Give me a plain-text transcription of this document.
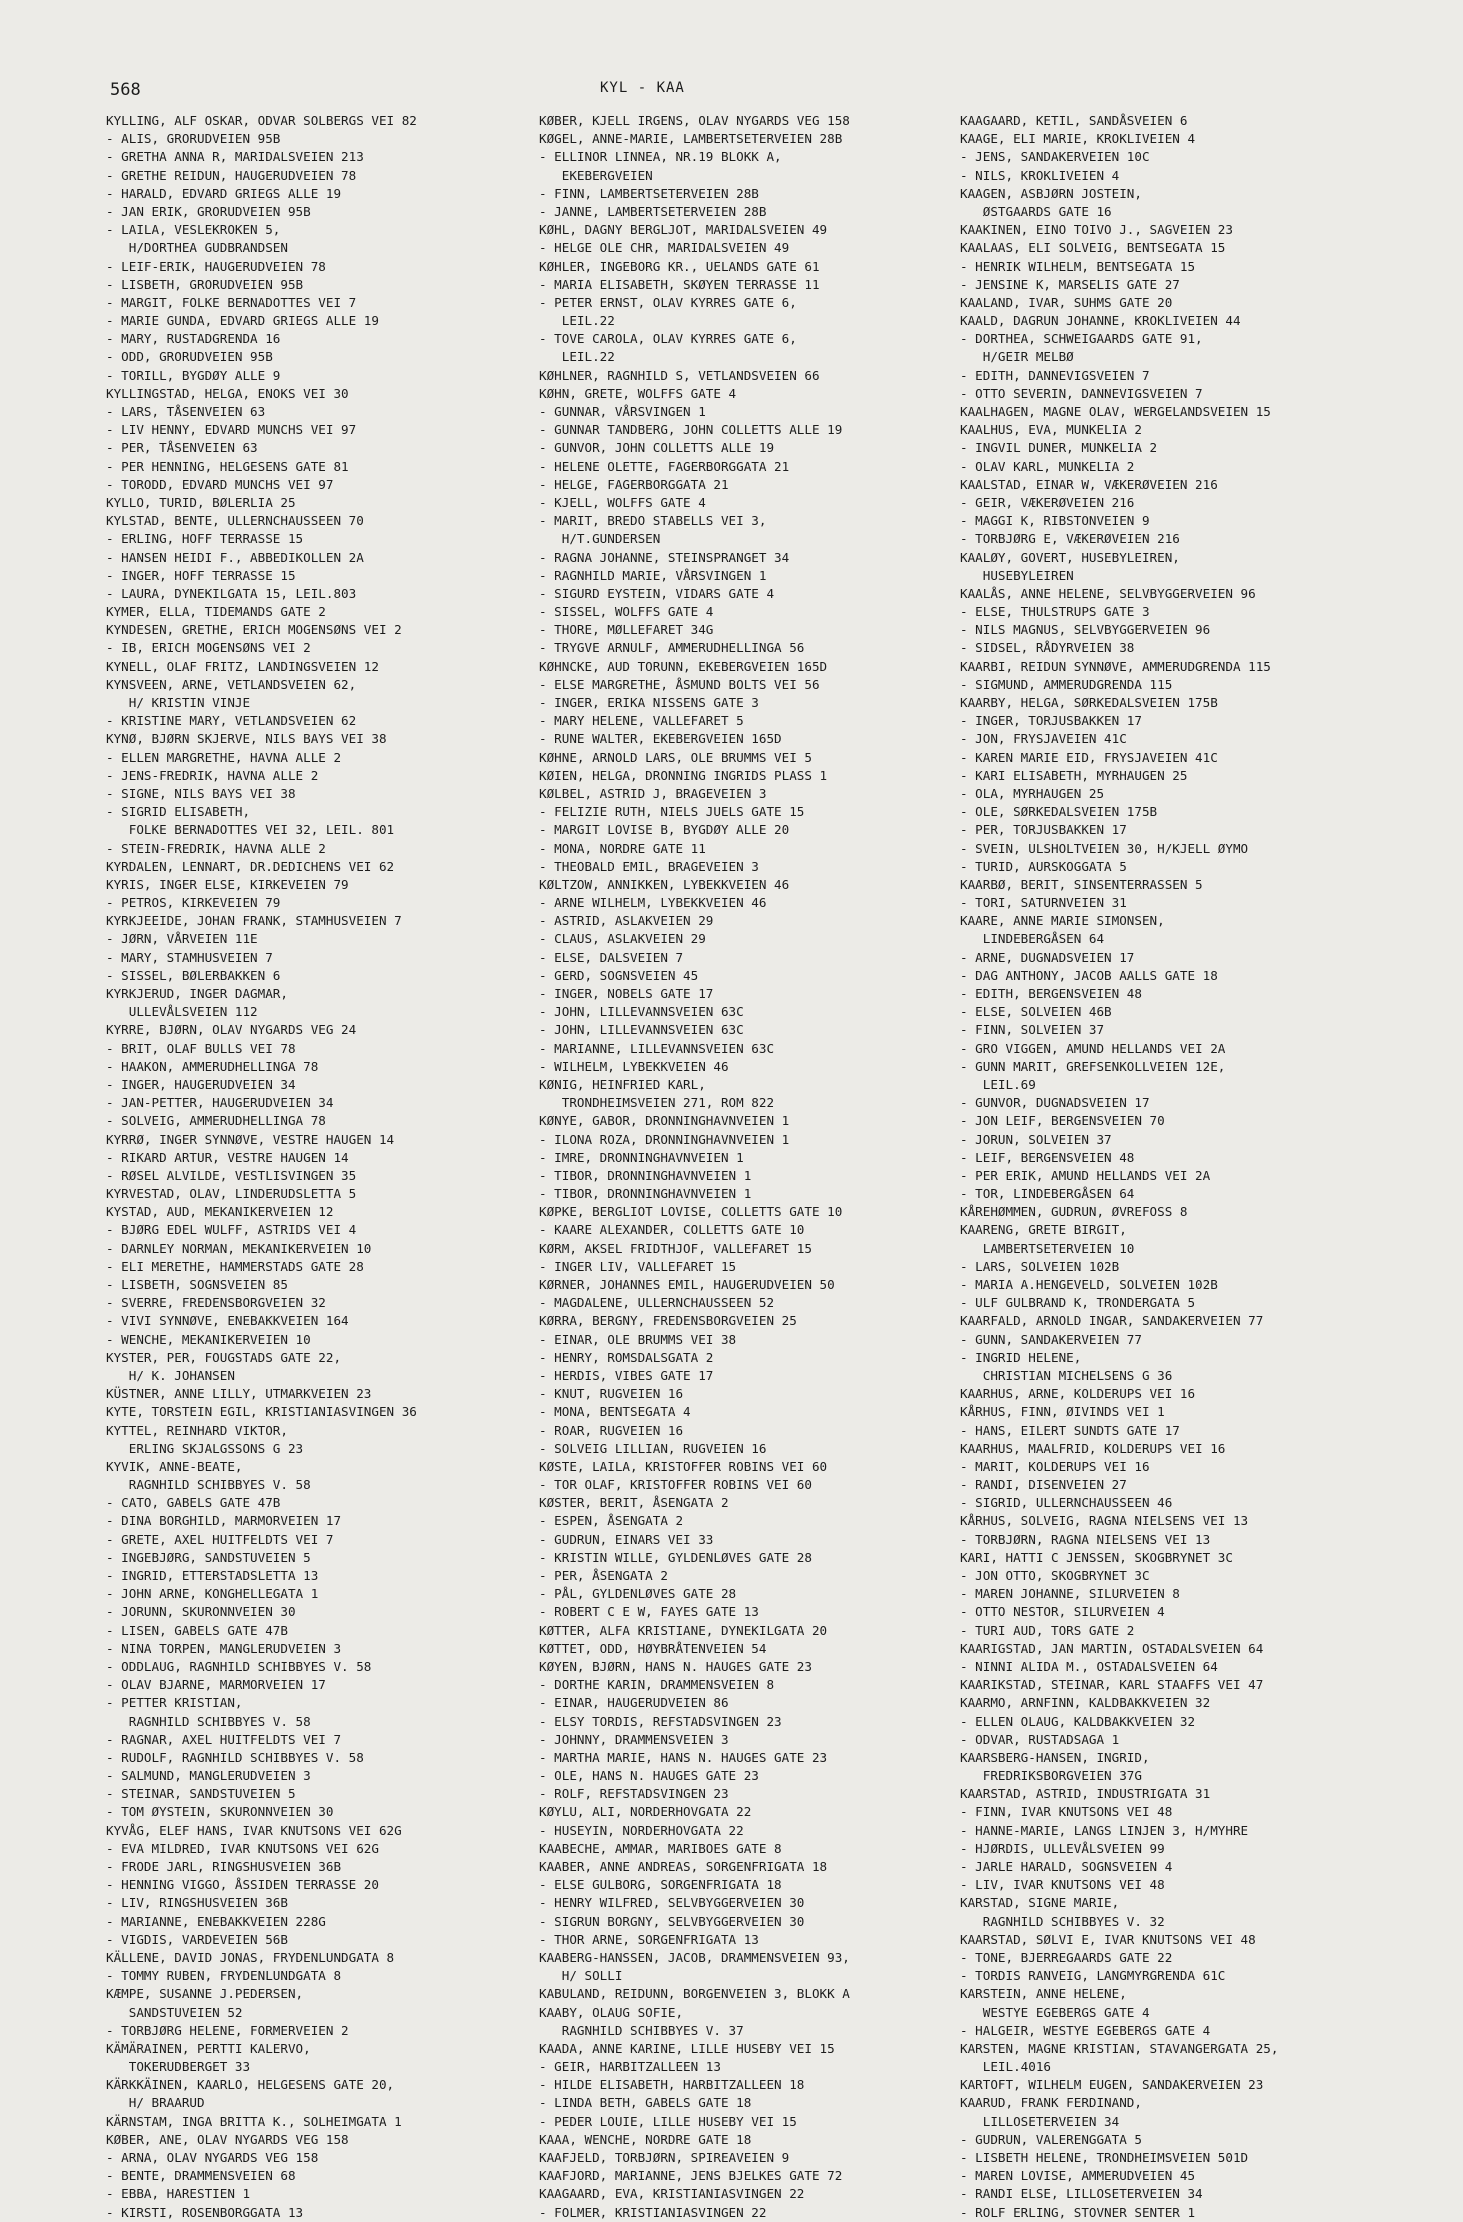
568	KYL - KAA
KYLLING, ALF OSKAR, ODVAR SOLBERGS VEI 82
- ALIS, GRORUDVEIEN 95B
- GRETHA ANNA R, MARIDALSVEIEN 213
- GRETHE REIDUN, HAUGERUDVEIEN 78
- HARALD, EDVARD GRIEGS ALLE 19
- JAN ERIK, GRORUDVEIEN 95B
- LAILA, VESLEKROKEN 5,
H/DORTHEA GUDBRANDSEN
- LEIF-ERIK, HAUGERUDVEIEN 78
- LISBETH, GRORUDVEIEN 95B
- MARGIT, FOLKE BERNADOTTES VEI 7
- MARIE GUNDA, EDVARD GRIEGS ALLE 19
- MARY, RUSTADGRENDA 16
- ODD, GRORUDVEIEN 95B
- TORILL, BYGDØY ALLE 9
KYLLINGSTAD, HELGA, ENOKS VEI 30
- LARS, TÅSENVEIEN 63
- LIV HENNY, EDVARD MUNCHS VEI 97
- PER, TÅSENVEIEN 63
- PER HENNING, HELGESENS GATE 81
- TORODD, EDVARD MUNCHS VEI 97
KYLLO, TURID, BØLERLIA 25
KYLSTAD, BENTE, ULLERNCHAUSSEEN 70
- ERLING, HOFF TERRASSE 15
- HANSEN HEIDI F., ABBEDIKOLLEN 2A
- INGER, HOFF TERRASSE 15
- LAURA, DYNEKILGATA 15, LEIL.803
KYMER, ELLA, TIDEMANDS GATE 2
KYNDESEN, GRETHE, ERICH MOGENSØNS VEI 2
- IB, ERICH MOGENSØNS VEI 2
KYNELL, OLAF FRITZ, LANDINGSVEIEN 12
KYNSVEEN, ARNE, VETLANDSVEIEN 62,
H/ KRISTIN VINJE
- KRISTINE MARY, VETLANDSVEIEN 62
KYNØ, BJØRN SKJERVE, NILS BAYS VEI 38
- ELLEN MARGRETHE, HAVNA ALLE 2
- JENS-FREDRIK, HAVNA ALLE 2
- SIGNE, NILS BAYS VEI 38
- SIGRID ELISABETH,
FOLKE BERNADOTTES VEI 32, LEIL. 801
- STEIN-FREDRIK, HAVNA ALLE 2
KYRDALEN, LENNART, DR.DEDICHENS VEI 62
KYRIS, INGER ELSE, KIRKEVEIEN 79
- PETROS, KIRKEVEIEN 79
KYRKJEEIDE, JOHAN FRANK, STAMHUSVEIEN 7
- JØRN, VÅRVEIEN 11E
- MARY, STAMHUSVEIEN 7
- SISSEL, BØLERBAKKEN 6
KYRKJERUD, INGER DAGMAR,
ULLEVÅLSVEIEN 112
KYRRE, BJØRN, OLAV NYGARDS VEG 24
- BRIT, OLAF BULLS VEI 78
- HAAKON, AMMERUDHELLINGA 78
- INGER, HAUGERUDVEIEN 34
- JAN-PETTER, HAUGERUDVEIEN 34
- SOLVEIG, AMMERUDHELLINGA 78
KYRRØ, INGER SYNNØVE, VESTRE HAUGEN 14
- RIKARD ARTUR, VESTRE HAUGEN 14
- RØSEL ALVILDE, VESTLISVINGEN 35
KYRVESTAD, OLAV, LINDERUDSLETTA 5
KYSTAD, AUD, MEKANIKERVEIEN 12
- BJØRG EDEL WULFF, ASTRIDS VEI 4
- DARNLEY NORMAN, MEKANIKERVEIEN 10
- ELI MERETHE, HAMMERSTADS GATE 28
- LISBETH, SOGNSVEIEN 85
- SVERRE, FREDENSBORGVEIEN 32
- VIVI SYNNØVE, ENEBAKKVEIEN 164
- WENCHE, MEKANIKERVEIEN 10
KYSTER, PER, FOUGSTADS GATE 22,
H/ K. JOHANSEN
KÜSTNER, ANNE LILLY, UTMARKVEIEN 23
KYTE, TORSTEIN EGIL, KRISTIANIASVINGEN 36
KYTTEL, REINHARD VIKTOR,
ERLING SKJALGSSONS G 23
KYVIK, ANNE-BEATE,
RAGNHILD SCHIBBYES V. 58
- CATO, GABELS GATE 47B
- DINA BORGHILD, MARMORVEIEN 17
- GRETE, AXEL HUITFELDTS VEI 7
- INGEBJØRG, SANDSTUVEIEN 5
- INGRID, ETTERSTADSLETTA 13
- JOHN ARNE, KONGHELLEGATA 1
- JORUNN, SKURONNVEIEN 30
- LISEN, GABELS GATE 47B
- NINA TORPEN, MANGLERUDVEIEN 3
- ODDLAUG, RAGNHILD SCHIBBYES V. 58
- OLAV BJARNE, MARMORVEIEN 17
- PETTER KRISTIAN,
RAGNHILD SCHIBBYES V. 58
- RAGNAR, AXEL HUITFELDTS VEI 7
- RUDOLF, RAGNHILD SCHIBBYES V. 58
- SALMUND, MANGLERUDVEIEN 3
- STEINAR, SANDSTUVEIEN 5
- TOM ØYSTEIN, SKURONNVEIEN 30
KYVÅG, ELEF HANS, IVAR KNUTSONS VEI 62G
- EVA MILDRED, IVAR KNUTSONS VEI 62G
- FRODE JARL, RINGSHUSVEIEN 36B
- HENNING VIGGO, ÅSSIDEN TERRASSE 20
- LIV, RINGSHUSVEIEN 36B
- MARIANNE, ENEBAKKVEIEN 228G
- VIGDIS, VARDEVEIEN 56B
KÄLLENE, DAVID JONAS, FRYDENLUNDGATA 8
- TOMMY RUBEN, FRYDENLUNDGATA 8
KÆMPE, SUSANNE J.PEDERSEN,
SANDSTUVEIEN 52
- TORBJØRG HELENE, FORMERVEIEN 2
KÄMÄRAINEN, PERTTI KALERVO,
TOKERUDBERGET 33
KÄRKKÄINEN, KAARLO, HELGESENS GATE 20,
H/ BRAARUD
KÄRNSTAM, INGA BRITTA K., SOLHEIMGATA 1
KØBER, ANE, OLAV NYGARDS VEG 158
- ARNA, OLAV NYGARDS VEG 158
- BENTE, DRAMMENSVEIEN 68
- EBBA, HARESTIEN 1
- KIRSTI, ROSENBORGGATA 13
KØBER, KJELL IRGENS, OLAV NYGARDS VEG 158
KØGEL, ANNE-MARIE, LAMBERTSETERVEIEN 28B
- ELLINOR LINNEA, NR.19 BLOKK A,
EKEBERGVEIEN
- FINN, LAMBERTSETERVEIEN 28B
- JANNE, LAMBERTSETERVEIEN 28B
KØHL, DAGNY BERGLJOT, MARIDALSVEIEN 49
- HELGE OLE CHR, MARIDALSVEIEN 49
KØHLER, INGEBORG KR., UELANDS GATE 61
- MARIA ELISABETH, SKØYEN TERRASSE 11
- PETER ERNST, OLAV KYRRES GATE 6,
LEIL.22
- TOVE CAROLA, OLAV KYRRES GATE 6,
LEIL.22
KØHLNER, RAGNHILD S, VETLANDSVEIEN 66
KØHN, GRETE, WOLFFS GATE 4
- GUNNAR, VÅRSVINGEN 1
- GUNNAR TANDBERG, JOHN COLLETTS ALLE 19
- GUNVOR, JOHN COLLETTS ALLE 19
- HELENE OLETTE, FAGERBORGGATA 21
- HELGE, FAGERBORGGATA 21
- KJELL, WOLFFS GATE 4
- MARIT, BREDO STABELLS VEI 3,
H/T.GUNDERSEN
- RAGNA JOHANNE, STEINSPRANGET 34
- RAGNHILD MARIE, VÅRSVINGEN 1
- SIGURD EYSTEIN, VIDARS GATE 4
- SISSEL, WOLFFS GATE 4
- THORE, MØLLEFARET 34G
- TRYGVE ARNULF, AMMERUDHELLINGA 56
KØHNCKE, AUD TORUNN, EKEBERGVEIEN 165D
- ELSE MARGRETHE, ÅSMUND BOLTS VEI 56
- INGER, ERIKA NISSENS GATE 3
- MARY HELENE, VALLEFARET 5
- RUNE WALTER, EKEBERGVEIEN 165D
KØHNE, ARNOLD LARS, OLE BRUMMS VEI 5
KØIEN, HELGA, DRONNING INGRIDS PLASS 1
KØLBEL, ASTRID J, BRAGEVEIEN 3
- FELIZIE RUTH, NIELS JUELS GATE 15
- MARGIT LOVISE B, BYGDØY ALLE 20
- MONA, NORDRE GATE 11
- THEOBALD EMIL, BRAGEVEIEN 3
KØLTZOW, ANNIKKEN, LYBEKKVEIEN 46
- ARNE WILHELM, LYBEKKVEIEN 46
- ASTRID, ASLAKVEIEN 29
- CLAUS, ASLAKVEIEN 29
- ELSE, DALSVEIEN 7
- GERD, SOGNSVEIEN 45
- INGER, NOBELS GATE 17
- JOHN, LILLEVANNSVEIEN 63C
- JOHN, LILLEVANNSVEIEN 63C
- MARIANNE, LILLEVANNSVEIEN 63C
- WILHELM, LYBEKKVEIEN 46
KØNIG, HEINFRIED KARL,
TRONDHEIMSVEIEN 271, ROM 822
KØNYE, GABOR, DRONNINGHAVNVEIEN 1
- ILONA ROZA, DRONNINGHAVNVEIEN 1
- IMRE, DRONNINGHAVNVEIEN 1
- TIBOR, DRONNINGHAVNVEIEN 1
- TIBOR, DRONNINGHAVNVEIEN 1
KØPKE, BERGLIOT LOVISE, COLLETTS GATE 10
- KAARE ALEXANDER, COLLETTS GATE 10
KØRM, AKSEL FRIDTHJOF, VALLEFARET 15
- INGER LIV, VALLEFARET 15
KØRNER, JOHANNES EMIL, HAUGERUDVEIEN 50
- MAGDALENE, ULLERNCHAUSSEEN 52
KØRRA, BERGNY, FREDENSBORGVEIEN 25
- EINAR, OLE BRUMMS VEI 38
- HENRY, ROMSDALSGATA 2
- HERDIS, VIBES GATE 17
- KNUT, RUGVEIEN 16
- MONA, BENTSEGATA 4
- ROAR, RUGVEIEN 16
- SOLVEIG LILLIAN, RUGVEIEN 16
KØSTE, LAILA, KRISTOFFER ROBINS VEI 60
- TOR OLAF, KRISTOFFER ROBINS VEI 60
KØSTER, BERIT, ÅSENGATA 2
- ESPEN, ÅSENGATA 2
- GUDRUN, EINARS VEI 33
- KRISTIN WILLE, GYLDENLØVES GATE 28
- PER, ÅSENGATA 2
- PÅL, GYLDENLØVES GATE 28
- ROBERT C E W, FAYES GATE 13
KØTTER, ALFA KRISTIANE, DYNEKILGATA 20
KØTTET, ODD, HØYBRÅTENVEIEN 54
KØYEN, BJØRN, HANS N. HAUGES GATE 23
- DORTHE KARIN, DRAMMENSVEIEN 8
- EINAR, HAUGERUDVEIEN 86
- ELSY TORDIS, REFSTADSVINGEN 23
- JOHNNY, DRAMMENSVEIEN 3
- MARTHA MARIE, HANS N. HAUGES GATE 23
- OLE, HANS N. HAUGES GATE 23
- ROLF, REFSTADSVINGEN 23
KØYLU, ALI, NORDERHOVGATA 22
- HUSEYIN, NORDERHOVGATA 22
KAABECHE, AMMAR, MARIBOES GATE 8
KAABER, ANNE ANDREAS, SORGENFRIGATA 18
- ELSE GULBORG, SORGENFRIGATA 18
- HENRY WILFRED, SELVBYGGERVEIEN 30
- SIGRUN BORGNY, SELVBYGGERVEIEN 30
- THOR ARNE, SORGENFRIGATA 13
KAABERG-HANSSEN, JACOB, DRAMMENSVEIEN 93,
H/ SOLLI
KABULAND, REIDUNN, BORGENVEIEN 3, BLOKK A
KAABY, OLAUG SOFIE,
RAGNHILD SCHIBBYES V. 37
KAADA, ANNE KARINE, LILLE HUSEBY VEI 15
- GEIR, HARBITZALLEEN 13
- HILDE ELISABETH, HARBITZALLEEN 18
- LINDA BETH, GABELS GATE 18
- PEDER LOUIE, LILLE HUSEBY VEI 15
KAAA, WENCHE, NORDRE GATE 18
KAAFJELD, TORBJØRN, SPIREAVEIEN 9
KAAFJORD, MARIANNE, JENS BJELKES GATE 72
KAAGAARD, EVA, KRISTIANIASVINGEN 22
- FOLMER, KRISTIANIASVINGEN 22
KAAGAARD, KETIL, SANDÅSVEIEN 6
KAAGE, ELI MARIE, KROKLIVEIEN 4
- JENS, SANDAKERVEIEN 10C
- NILS, KROKLIVEIEN 4
KAAGEN, ASBJØRN JOSTEIN,
ØSTGAARDS GATE 16
KAAKINEN, EINO TOIVO J., SAGVEIEN 23
KAALAAS, ELI SOLVEIG, BENTSEGATA 15
- HENRIK WILHELM, BENTSEGATA 15
- JENSINE K, MARSELIS GATE 27
KAALAND, IVAR, SUHMS GATE 20
KAALD, DAGRUN JOHANNE, KROKLIVEIEN 44
- DORTHEA, SCHWEIGAARDS GATE 91,
H/GEIR MELBØ
- EDITH, DANNEVIGSVEIEN 7
- OTTO SEVERIN, DANNEVIGSVEIEN 7
KAALHAGEN, MAGNE OLAV, WERGELANDSVEIEN 15
KAALHUS, EVA, MUNKELIA 2
- INGVIL DUNER, MUNKELIA 2
- OLAV KARL, MUNKELIA 2
KAALSTAD, EINAR W, VÆKERØVEIEN 216
- GEIR, VÆKERØVEIEN 216
- MAGGI K, RIBSTONVEIEN 9
- TORBJØRG E, VÆKERØVEIEN 216
KAALØY, GOVERT, HUSEBYLEIREN,
HUSEBYLEIREN
KAALÅS, ANNE HELENE, SELVBYGGERVEIEN 96
- ELSE, THULSTRUPS GATE 3
- NILS MAGNUS, SELVBYGGERVEIEN 96
- SIDSEL, RÅDYRVEIEN 38
KAARBI, REIDUN SYNNØVE, AMMERUDGRENDA 115
- SIGMUND, AMMERUDGRENDA 115
KAARBY, HELGA, SØRKEDALSVEIEN 175B
- INGER, TORJUSBAKKEN 17
- JON, FRYSJAVEIEN 41C
- KAREN MARIE EID, FRYSJAVEIEN 41C
- KARI ELISABETH, MYRHAUGEN 25
- OLA, MYRHAUGEN 25
- OLE, SØRKEDALSVEIEN 175B
- PER, TORJUSBAKKEN 17
- SVEIN, ULSHOLTVEIEN 30, H/KJELL ØYMO
- TURID, AURSKOGGATA 5
KAARBØ, BERIT, SINSENTERRASSEN 5
- TORI, SATURNVEIEN 31
KAARE, ANNE MARIE SIMONSEN,
LINDEBERGÅSEN 64
- ARNE, DUGNADSVEIEN 17
- DAG ANTHONY, JACOB AALLS GATE 18
- EDITH, BERGENSVEIEN 48
- ELSE, SOLVEIEN 46B
- FINN, SOLVEIEN 37
- GRO VIGGEN, AMUND HELLANDS VEI 2A
- GUNN MARIT, GREFSENKOLLVEIEN 12E,
LEIL.69
- GUNVOR, DUGNADSVEIEN 17
- JON LEIF, BERGENSVEIEN 70
- JORUN, SOLVEIEN 37
- LEIF, BERGENSVEIEN 48
- PER ERIK, AMUND HELLANDS VEI 2A
- TOR, LINDEBERGÅSEN 64
KÅREHØMMEN, GUDRUN, ØVREFOSS 8
KAARENG, GRETE BIRGIT,
LAMBERTSETERVEIEN 10
- LARS, SOLVEIEN 102B
- MARIA A.HENGEVELD, SOLVEIEN 102B
- ULF GULBRAND K, TRONDERGATA 5
KAARFALD, ARNOLD INGAR, SANDAKERVEIEN 77
- GUNN, SANDAKERVEIEN 77
- INGRID HELENE,
CHRISTIAN MICHELSENS G 36
KAARHUS, ARNE, KOLDERUPS VEI 16
KÅRHUS, FINN, ØIVINDS VEI 1
- HANS, EILERT SUNDTS GATE 17
KAARHUS, MAALFRID, KOLDERUPS VEI 16
- MARIT, KOLDERUPS VEI 16
- RANDI, DISENVEIEN 27
- SIGRID, ULLERNCHAUSSEEN 46
KÅRHUS, SOLVEIG, RAGNA NIELSENS VEI 13
- TORBJØRN, RAGNA NIELSENS VEI 13
KARI, HATTI C JENSSEN, SKOGBRYNET 3C
- JON OTTO, SKOGBRYNET 3C
- MAREN JOHANNE, SILURVEIEN 8
- OTTO NESTOR, SILURVEIEN 4
- TURI AUD, TORS GATE 2
KAARIGSTAD, JAN MARTIN, OSTADALSVEIEN 64
- NINNI ALIDA M., OSTADALSVEIEN 64
KAARIKSTAD, STEINAR, KARL STAAFFS VEI 47
KAARMO, ARNFINN, KALDBAKKVEIEN 32
- ELLEN OLAUG, KALDBAKKVEIEN 32
- ODVAR, RUSTADSAGA 1
KAARSBERG-HANSEN, INGRID,
FREDRIKSBORGVEIEN 37G
KAARSTAD, ASTRID, INDUSTRIGATA 31
- FINN, IVAR KNUTSONS VEI 48
- HANNE-MARIE, LANGS LINJEN 3, H/MYHRE
- HJØRDIS, ULLEVÅLSVEIEN 99
- JARLE HARALD, SOGNSVEIEN 4
- LIV, IVAR KNUTSONS VEI 48
KARSTAD, SIGNE MARIE,
RAGNHILD SCHIBBYES V. 32
KAARSTAD, SØLVI E, IVAR KNUTSONS VEI 48
- TONE, BJERREGAARDS GATE 22
- TORDIS RANVEIG, LANGMYRGRENDA 61C
KARSTEIN, ANNE HELENE,
WESTYE EGEBERGS GATE 4
- HALGEIR, WESTYE EGEBERGS GATE 4
KARSTEN, MAGNE KRISTIAN, STAVANGERGATA 25,
LEIL.4016
KARTOFT, WILHELM EUGEN, SANDAKERVEIEN 23
KAARUD, FRANK FERDINAND,
LILLOSETERVEIEN 34
- GUDRUN, VALERENGGATA 5
- LISBETH HELENE, TRONDHEIMSVEIEN 501D
- MAREN LOVISE, AMMERUDVEIEN 45
- RANDI ELSE, LILLOSETERVEIEN 34
- ROLF ERLING, STOVNER SENTER 1
